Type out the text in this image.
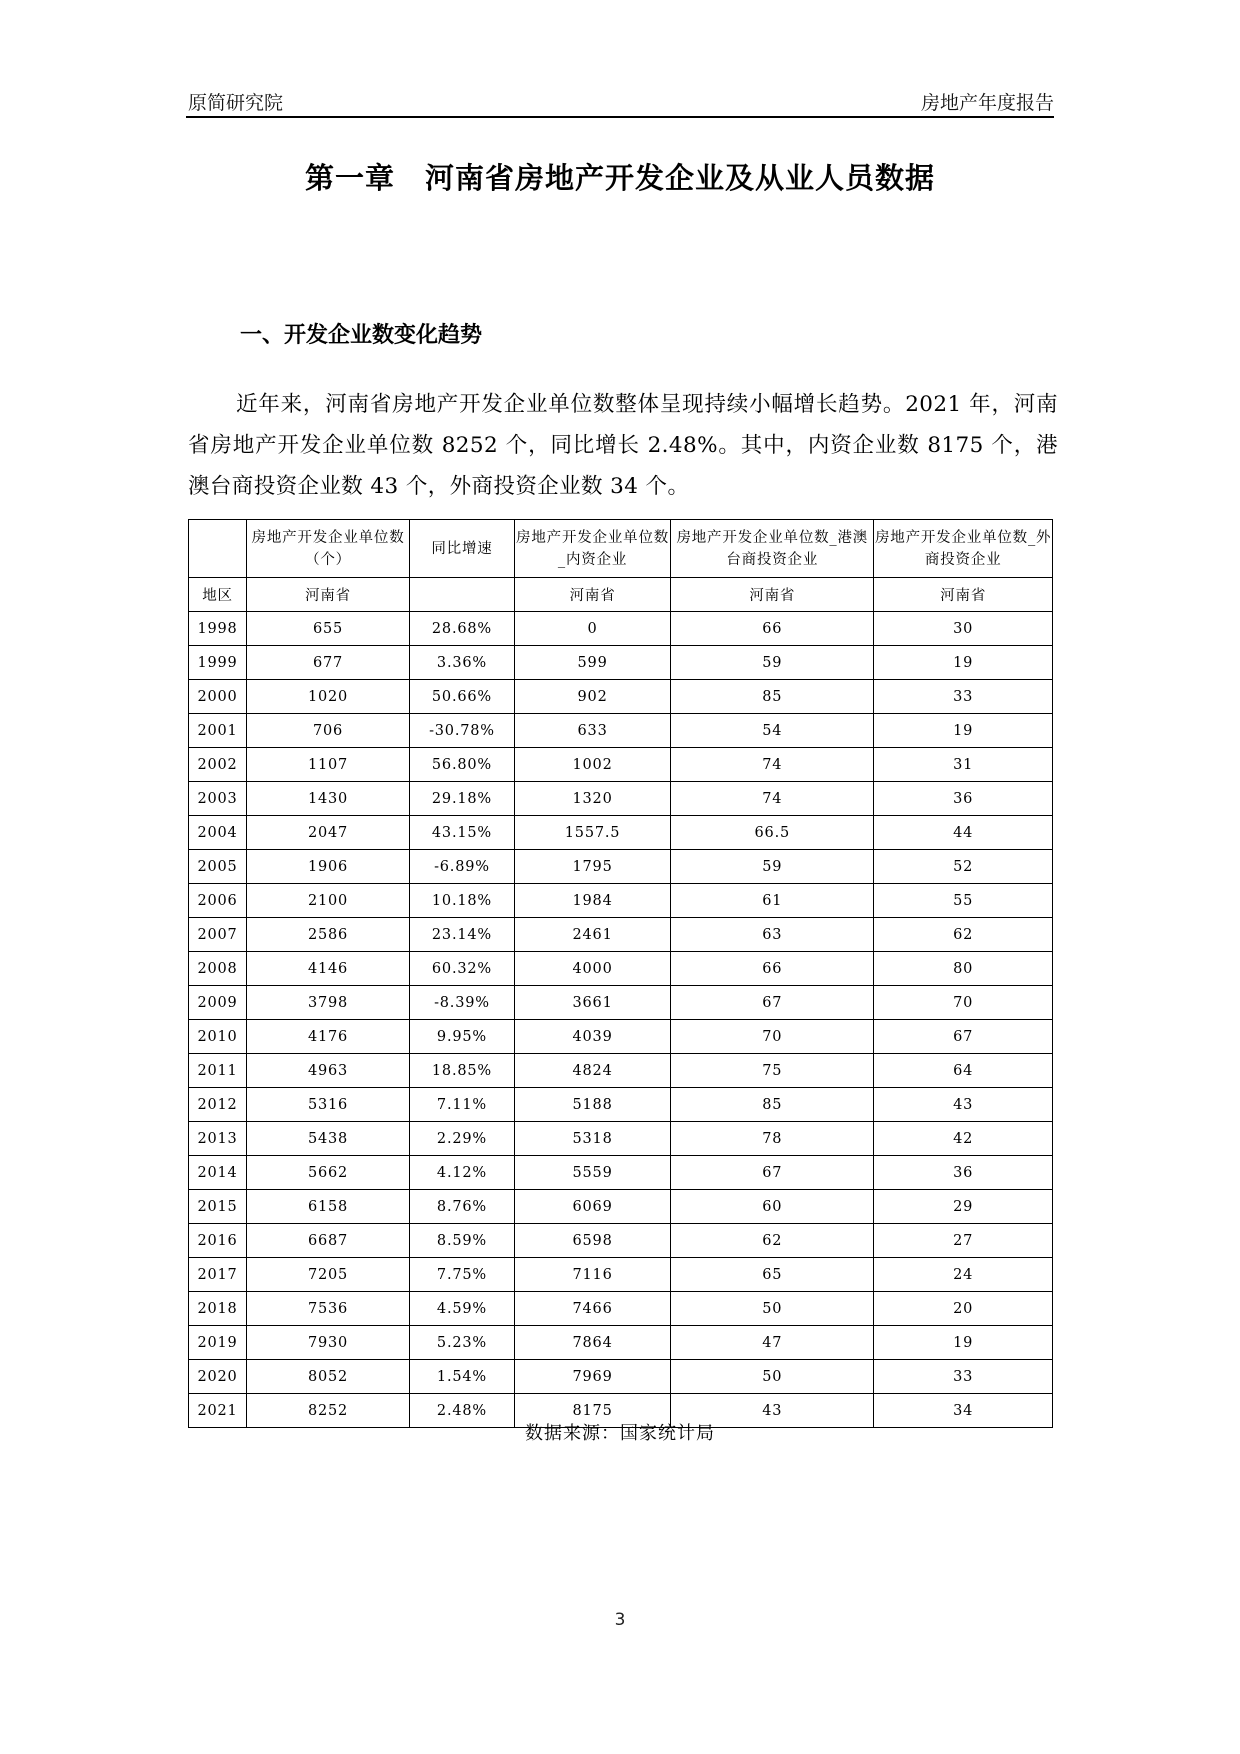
原简研究院	房地产年度报告
第一章　河南省房地产开发企业及从业人员数据
一、开发企业数变化趋势
近年来，河南省房地产开发企业单位数整体呈现持续小幅增长趋势。2021 年，河南省房地产开发企业单位数 8252 个，同比增长 2.48%。其中，内资企业数 8175 个，港澳台商投资企业数 43 个，外商投资企业数 34 个。
	房地产开发企业单位数（个）	同比增速	房地产开发企业单位数_内资企业	房地产开发企业单位数_港澳台商投资企业	房地产开发企业单位数_外商投资企业
地区	河南省		河南省	河南省	河南省
1998	655	28.68%	0	66	30
1999	677	3.36%	599	59	19
2000	1020	50.66%	902	85	33
2001	706	-30.78%	633	54	19
2002	1107	56.80%	1002	74	31
2003	1430	29.18%	1320	74	36
2004	2047	43.15%	1557.5	66.5	44
2005	1906	-6.89%	1795	59	52
2006	2100	10.18%	1984	61	55
2007	2586	23.14%	2461	63	62
2008	4146	60.32%	4000	66	80
2009	3798	-8.39%	3661	67	70
2010	4176	9.95%	4039	70	67
2011	4963	18.85%	4824	75	64
2012	5316	7.11%	5188	85	43
2013	5438	2.29%	5318	78	42
2014	5662	4.12%	5559	67	36
2015	6158	8.76%	6069	60	29
2016	6687	8.59%	6598	62	27
2017	7205	7.75%	7116	65	24
2018	7536	4.59%	7466	50	20
2019	7930	5.23%	7864	47	19
2020	8052	1.54%	7969	50	33
2021	8252	2.48%	8175	43	34
数据来源：国家统计局
3
